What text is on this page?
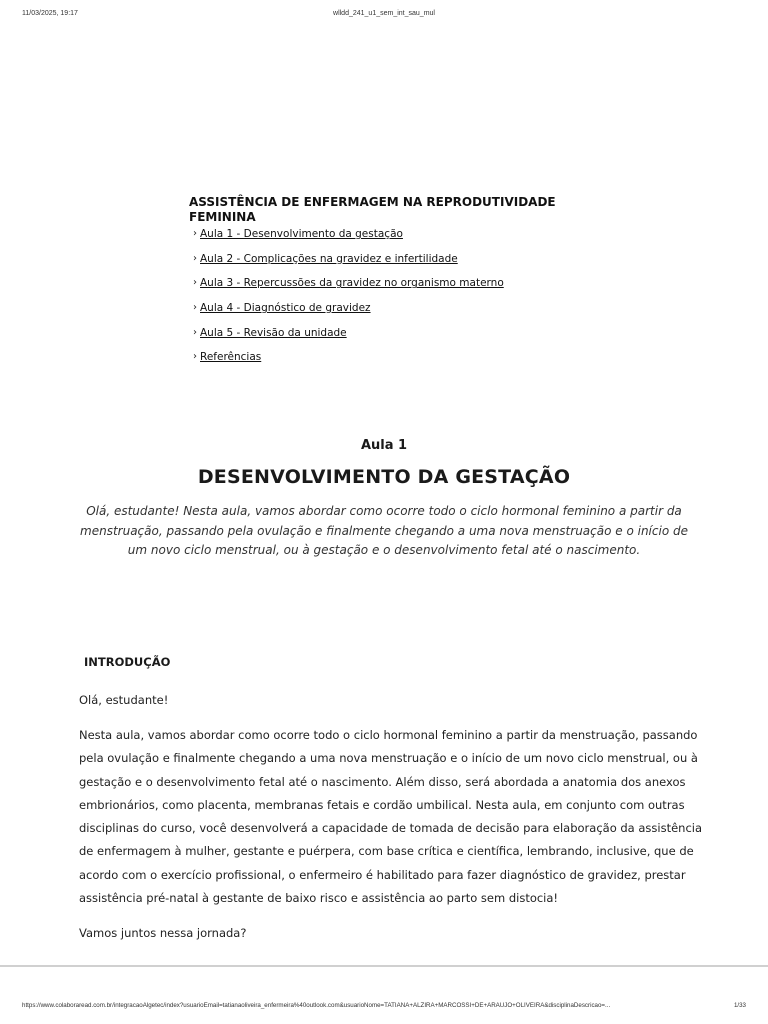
11/03/2025, 19:17	wlldd_241_u1_sem_int_sau_mul
ASSISTÊNCIA DE ENFERMAGEM NA REPRODUTIVIDADE FEMININA
› Aula 1 - Desenvolvimento da gestação
› Aula 2 - Complicações na gravidez e infertilidade
› Aula 3 - Repercussões da gravidez no organismo materno
› Aula 4 - Diagnóstico de gravidez
› Aula 5 - Revisão da unidade
› Referências
Aula 1
DESENVOLVIMENTO DA GESTAÇÃO

Olá, estudante! Nesta aula, vamos abordar como ocorre todo o ciclo hormonal feminino a partir da menstruação, passando pela ovulação e finalmente chegando a uma nova menstruação e o início de um novo ciclo menstrual, ou à gestação e o desenvolvimento fetal até o nascimento.

INTRODUÇÃO

Olá, estudante!

Nesta aula, vamos abordar como ocorre todo o ciclo hormonal feminino a partir da menstruação, passando pela ovulação e finalmente chegando a uma nova menstruação e o início de um novo ciclo menstrual, ou à gestação e o desenvolvimento fetal até o nascimento. Além disso, será abordada a anatomia dos anexos embrionários, como placenta, membranas fetais e cordão umbilical. Nesta aula, em conjunto com outras disciplinas do curso, você desenvolverá a capacidade de tomada de decisão para elaboração da assistência de enfermagem à mulher, gestante e puérpera, com base crítica e científica, lembrando, inclusive, que de acordo com o exercício profissional, o enfermeiro é habilitado para fazer diagnóstico de gravidez, prestar assistência pré-natal à gestante de baixo risco e assistência ao parto sem distocia!

Vamos juntos nessa jornada?

https://www.colaboraread.com.br/integracaoAlgetec/index?usuarioEmail=tatianaoliveira_enfermeira%40outlook.com&usuarioNome=TATIANA+ALZIRA+MARCOSSI+DE+ARAUJO+OLIVEIRA&disciplinaDescricao=...	1/33
